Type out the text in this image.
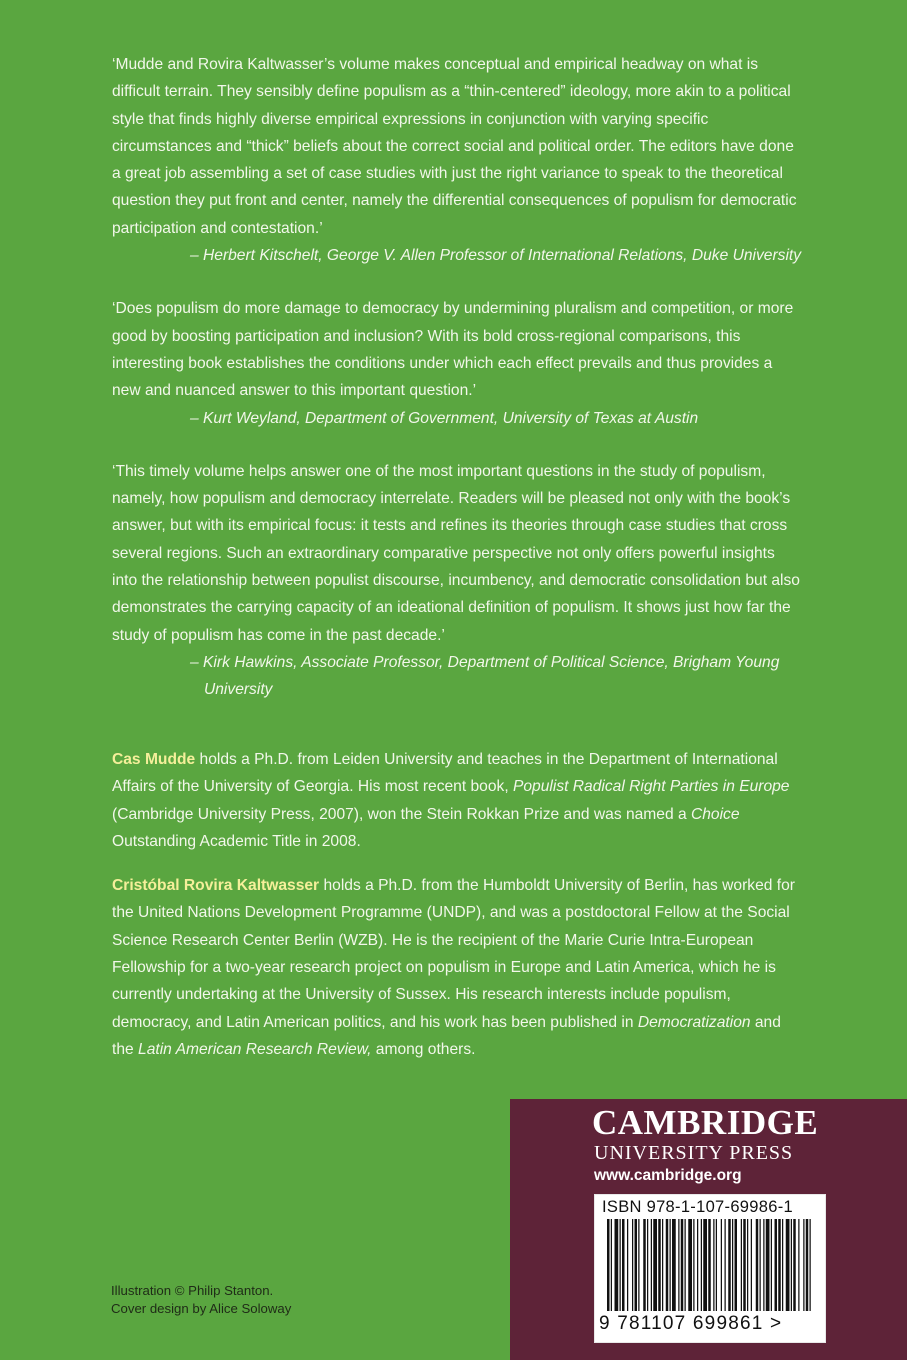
‘Mudde and Rovira Kaltwasser’s volume makes conceptual and empirical headway on what is difficult terrain. They sensibly define populism as a “thin-centered” ideology, more akin to a political style that finds highly diverse empirical expressions in conjunction with varying specific circumstances and “thick” beliefs about the correct social and political order. The editors have done a great job assembling a set of case studies with just the right variance to speak to the theoretical question they put front and center, namely the differential consequences of populism for democratic participation and contestation.’

– Herbert Kitschelt, George V. Allen Professor of International Relations, Duke University

‘Does populism do more damage to democracy by undermining pluralism and competition, or more good by boosting participation and inclusion? With its bold cross-regional comparisons, this interesting book establishes the conditions under which each effect prevails and thus provides a new and nuanced answer to this important question.’

– Kurt Weyland, Department of Government, University of Texas at Austin

‘This timely volume helps answer one of the most important questions in the study of populism, namely, how populism and democracy interrelate. Readers will be pleased not only with the book’s answer, but with its empirical focus: it tests and refines its theories through case studies that cross several regions. Such an extraordinary comparative perspective not only offers powerful insights into the relationship between populist discourse, incumbency, and democratic consolidation but also demonstrates the carrying capacity of an ideational definition of populism. It shows just how far the study of populism has come in the past decade.’

– Kirk Hawkins, Associate Professor, Department of Political Science, Brigham Young University

Cas Mudde holds a Ph.D. from Leiden University and teaches in the Department of International Affairs of the University of Georgia. His most recent book, Populist Radical Right Parties in Europe (Cambridge University Press, 2007), won the Stein Rokkan Prize and was named a Choice Outstanding Academic Title in 2008.

Cristóbal Rovira Kaltwasser holds a Ph.D. from the Humboldt University of Berlin, has worked for the United Nations Development Programme (UNDP), and was a postdoctoral Fellow at the Social Science Research Center Berlin (WZB). He is the recipient of the Marie Curie Intra-European Fellowship for a two-year research project on populism in Europe and Latin America, which he is currently undertaking at the University of Sussex. His research interests include populism, democracy, and Latin American politics, and his work has been published in Democratization and the Latin American Research Review, among others.

Illustration © Philip Stanton.
Cover design by Alice Soloway
CAMBRIDGE
UNIVERSITY PRESS
www.cambridge.org
ISBN 978-1-107-69986-1
9 781107 699861 >
